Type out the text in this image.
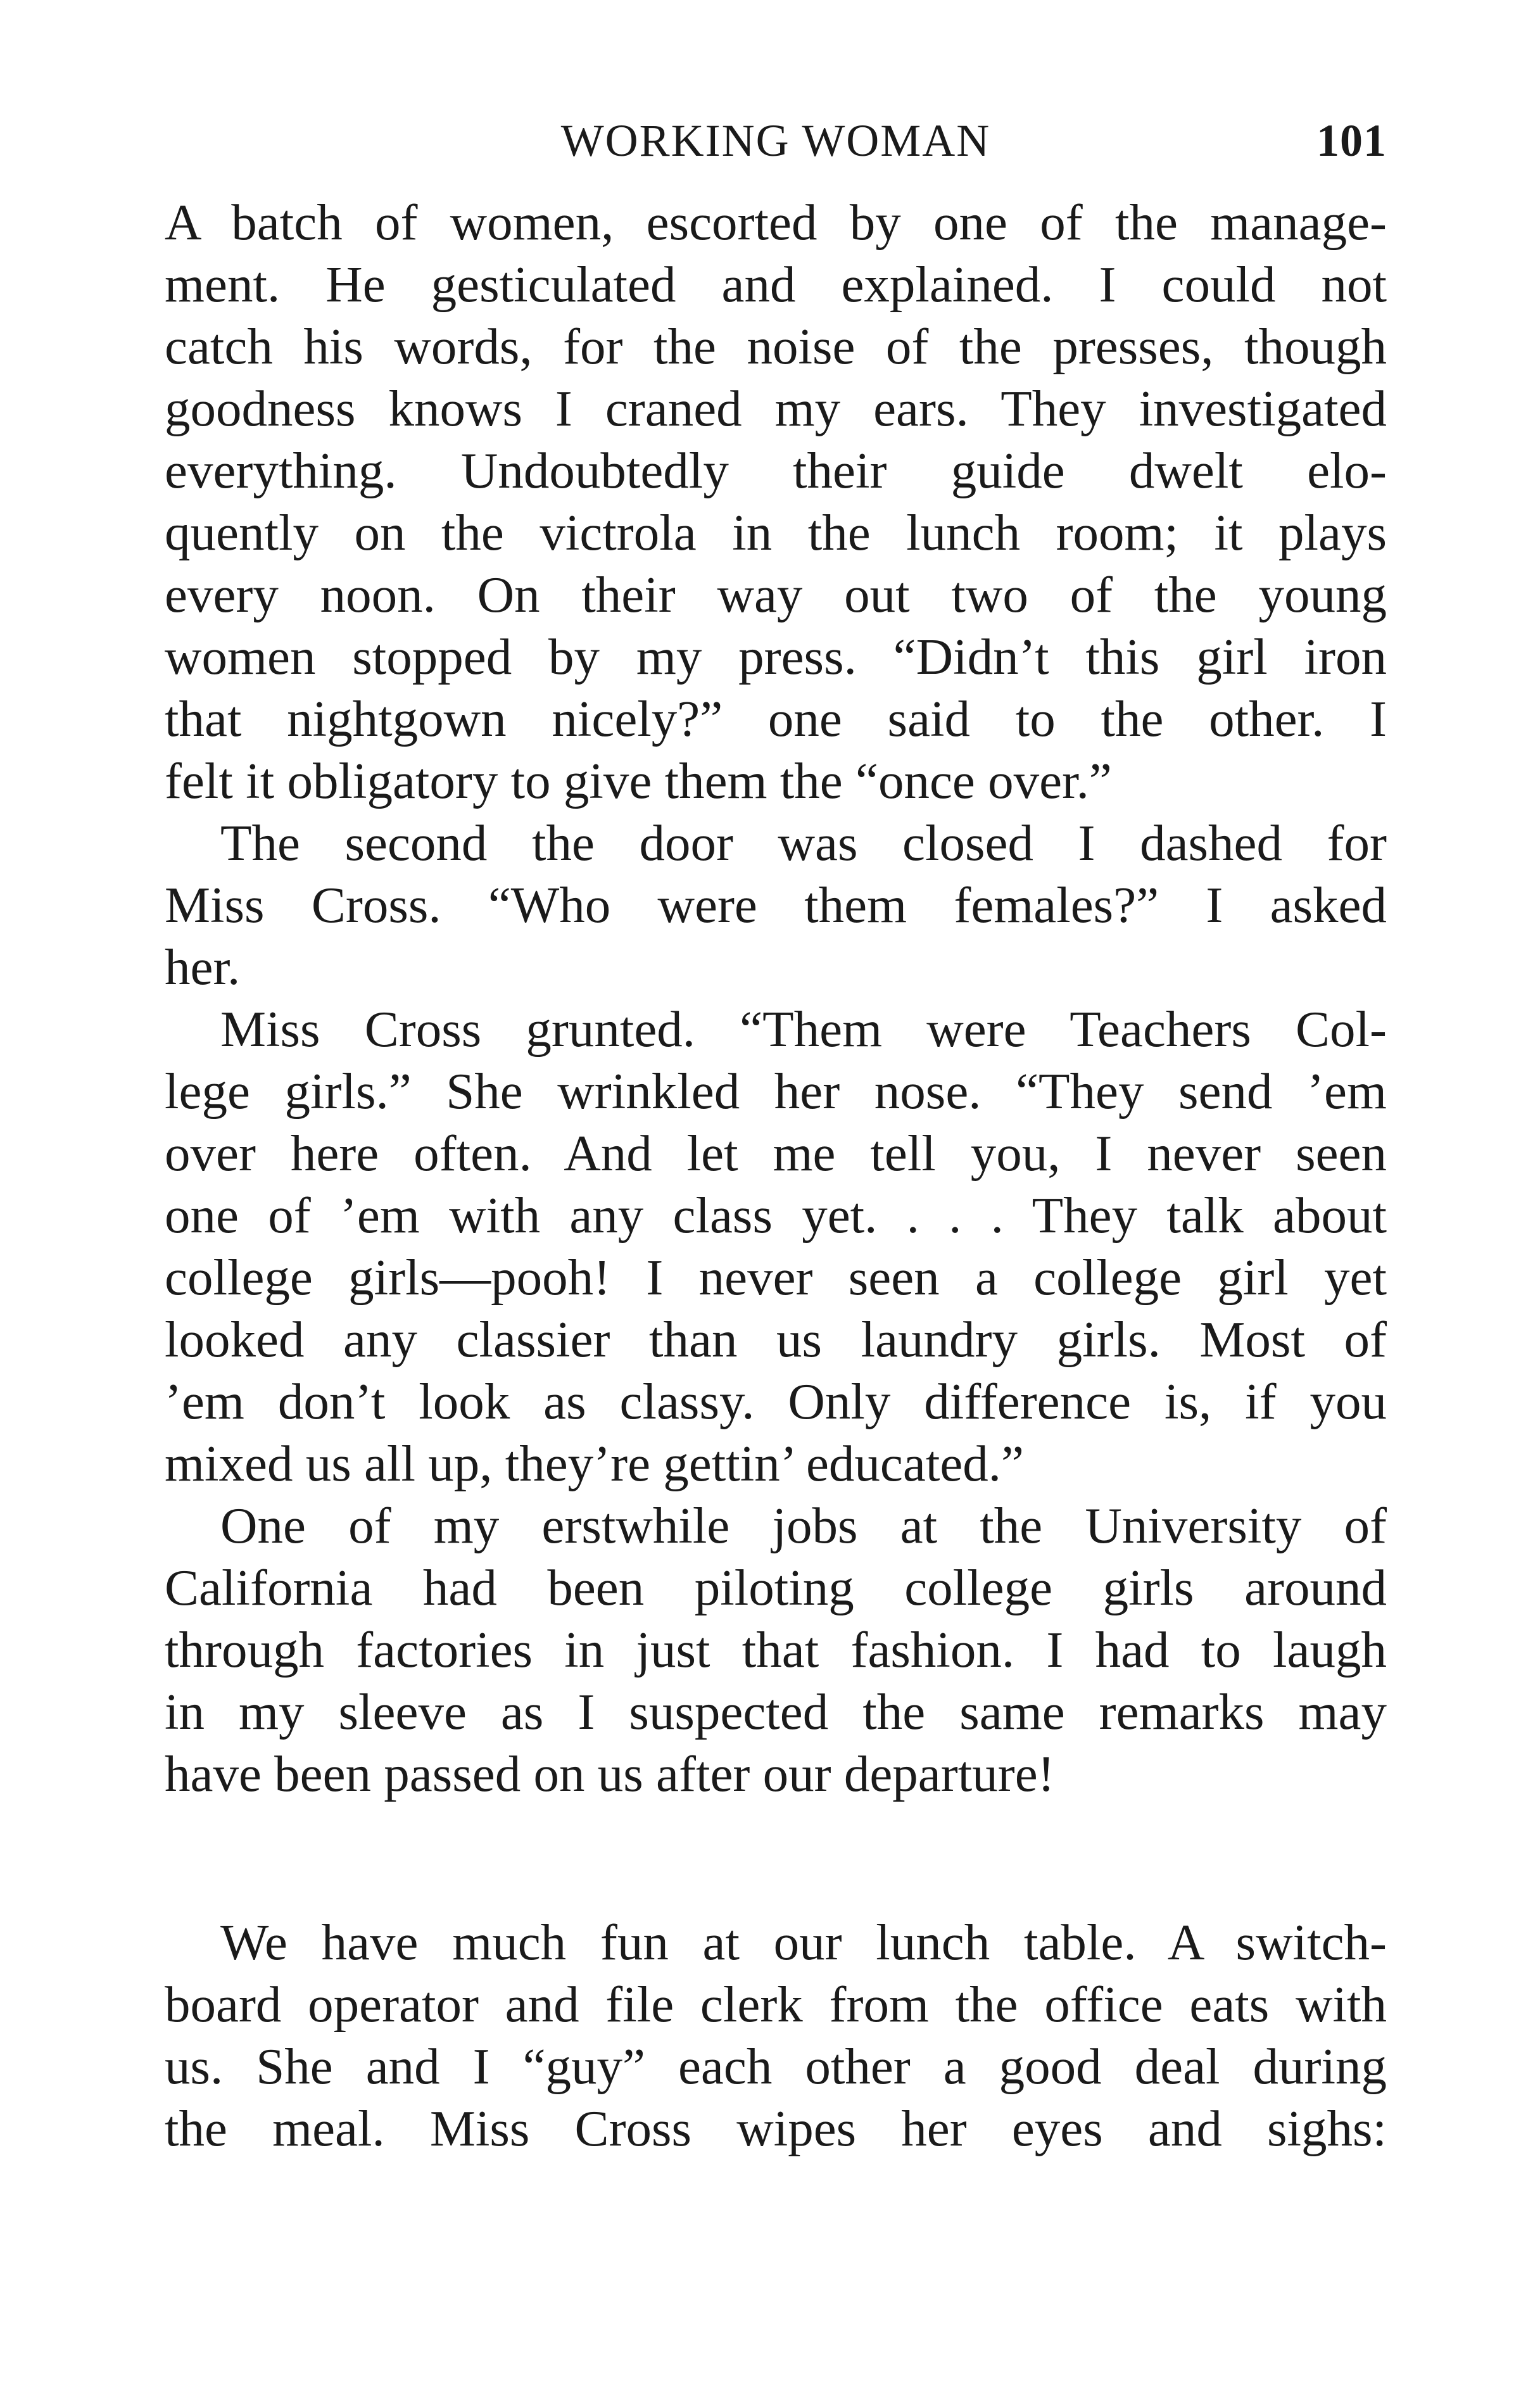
WORKING WOMAN	101
A batch of women, escorted by one of the manage-
ment. He gesticulated and explained. I could not
catch his words, for the noise of the presses, though
goodness knows I craned my ears. They investigated
everything. Undoubtedly their guide dwelt elo-
quently on the victrola in the lunch room; it plays
every noon. On their way out two of the young
women stopped by my press. “Didn’t this girl iron
that nightgown nicely?” one said to the other. I
felt it obligatory to give them the “once over.”
The second the door was closed I dashed for
Miss Cross. “Who were them females?” I asked
her.
Miss Cross grunted. “Them were Teachers Col-
lege girls.” She wrinkled her nose. “They send ’em
over here often. And let me tell you, I never seen
one of ’em with any class yet. . . . They talk about
college girls—pooh! I never seen a college girl yet
looked any classier than us laundry girls. Most of
’em don’t look as classy. Only difference is, if you
mixed us all up, they’re gettin’ educated.”
One of my erstwhile jobs at the University of
California had been piloting college girls around
through factories in just that fashion. I had to laugh
in my sleeve as I suspected the same remarks may
have been passed on us after our departure!
We have much fun at our lunch table. A switch-
board operator and file clerk from the office eats with
us. She and I “guy” each other a good deal during
the meal. Miss Cross wipes her eyes and sighs:
